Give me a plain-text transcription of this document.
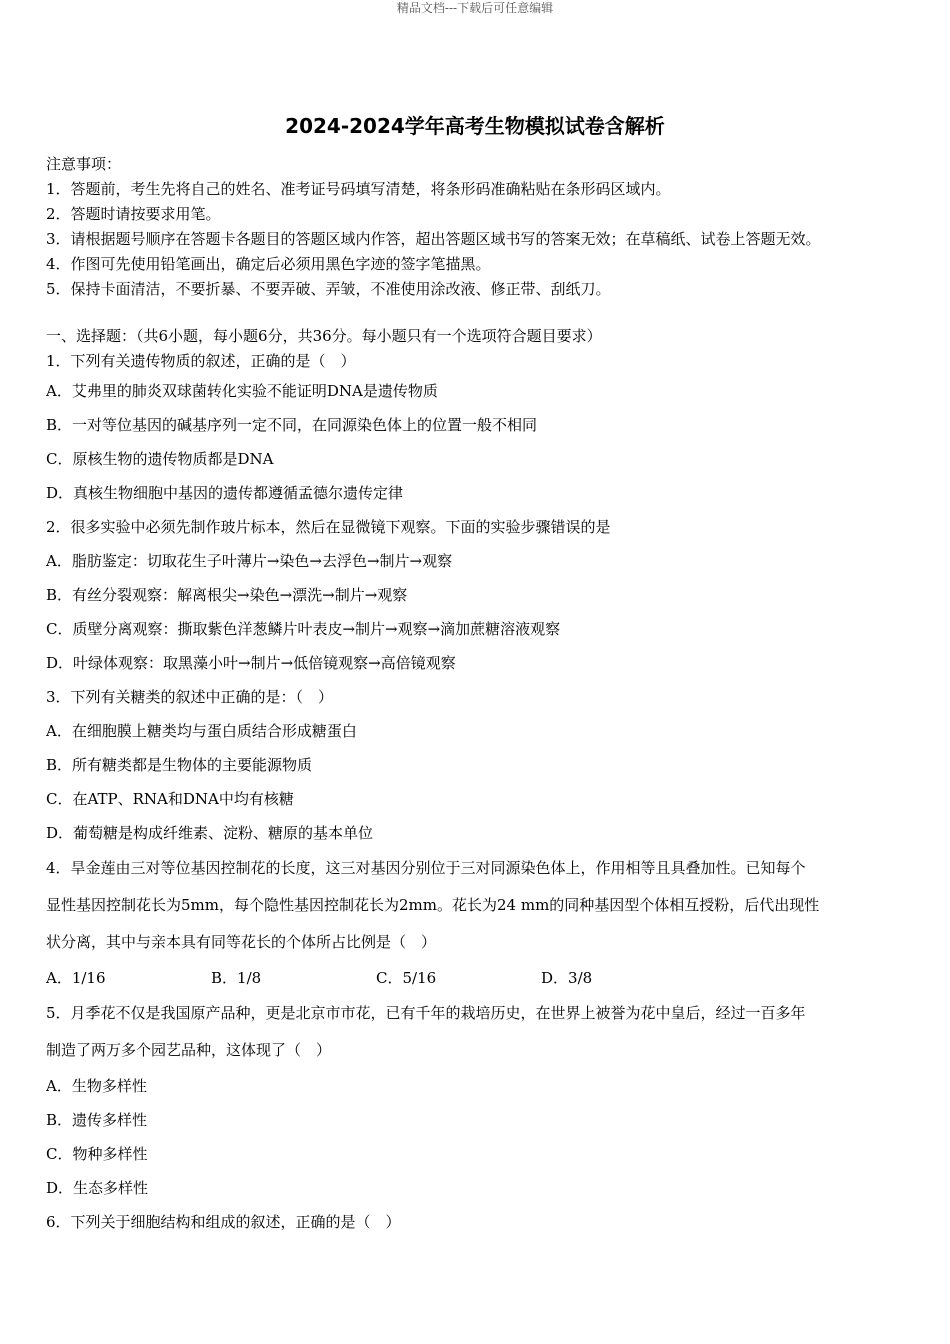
精品文档---下载后可任意编辑
2024-2024学年高考生物模拟试卷含解析
注意事项：
1．答题前，考生先将自己的姓名、准考证号码填写清楚，将条形码准确粘贴在条形码区域内。
2．答题时请按要求用笔。
3．请根据题号顺序在答题卡各题目的答题区域内作答，超出答题区域书写的答案无效；在草稿纸、试卷上答题无效。
4．作图可先使用铅笔画出，确定后必须用黑色字迹的签字笔描黑。
5．保持卡面清洁，不要折暴、不要弄破、弄皱，不准使用涂改液、修正带、刮纸刀。
一、选择题：（共6小题，每小题6分，共36分。每小题只有一个选项符合题目要求）
1．下列有关遗传物质的叙述，正确的是（　）
A．艾弗里的肺炎双球菌转化实验不能证明DNA是遗传物质
B．一对等位基因的碱基序列一定不同，在同源染色体上的位置一般不相同
C．原核生物的遗传物质都是DNA
D．真核生物细胞中基因的遗传都遵循孟德尔遗传定律
2．很多实验中必须先制作玻片标本，然后在显微镜下观察。下面的实验步骤错误的是
A．脂肪鉴定：切取花生子叶薄片→染色→去浮色→制片→观察
B．有丝分裂观察：解离根尖→染色→漂洗→制片→观察
C．质壁分离观察：撕取紫色洋葱鳞片叶表皮→制片→观察→滴加蔗糖溶液观察
D．叶绿体观察：取黑藻小叶→制片→低倍镜观察→高倍镜观察
3．下列有关糖类的叙述中正确的是：（　）
A．在细胞膜上糖类均与蛋白质结合形成糖蛋白
B．所有糖类都是生物体的主要能源物质
C．在ATP、RNA和DNA中均有核糖
D．葡萄糖是构成纤维素、淀粉、糖原的基本单位
4．旱金莲由三对等位基因控制花的长度，这三对基因分别位于三对同源染色体上，作用相等且具叠加性。已知每个
显性基因控制花长为5mm，每个隐性基因控制花长为2mm。花长为24 mm的同种基因型个体相互授粉，后代出现性
状分离，其中与亲本具有同等花长的个体所占比例是（　）
A．1/16	B．1/8	C．5/16	D．3/8
5．月季花不仅是我国原产品种，更是北京市市花，已有千年的栽培历史，在世界上被誉为花中皇后，经过一百多年
制造了两万多个园艺品种，这体现了（　）
A．生物多样性
B．遗传多样性
C．物种多样性
D．生态多样性
6．下列关于细胞结构和组成的叙述，正确的是（　）
